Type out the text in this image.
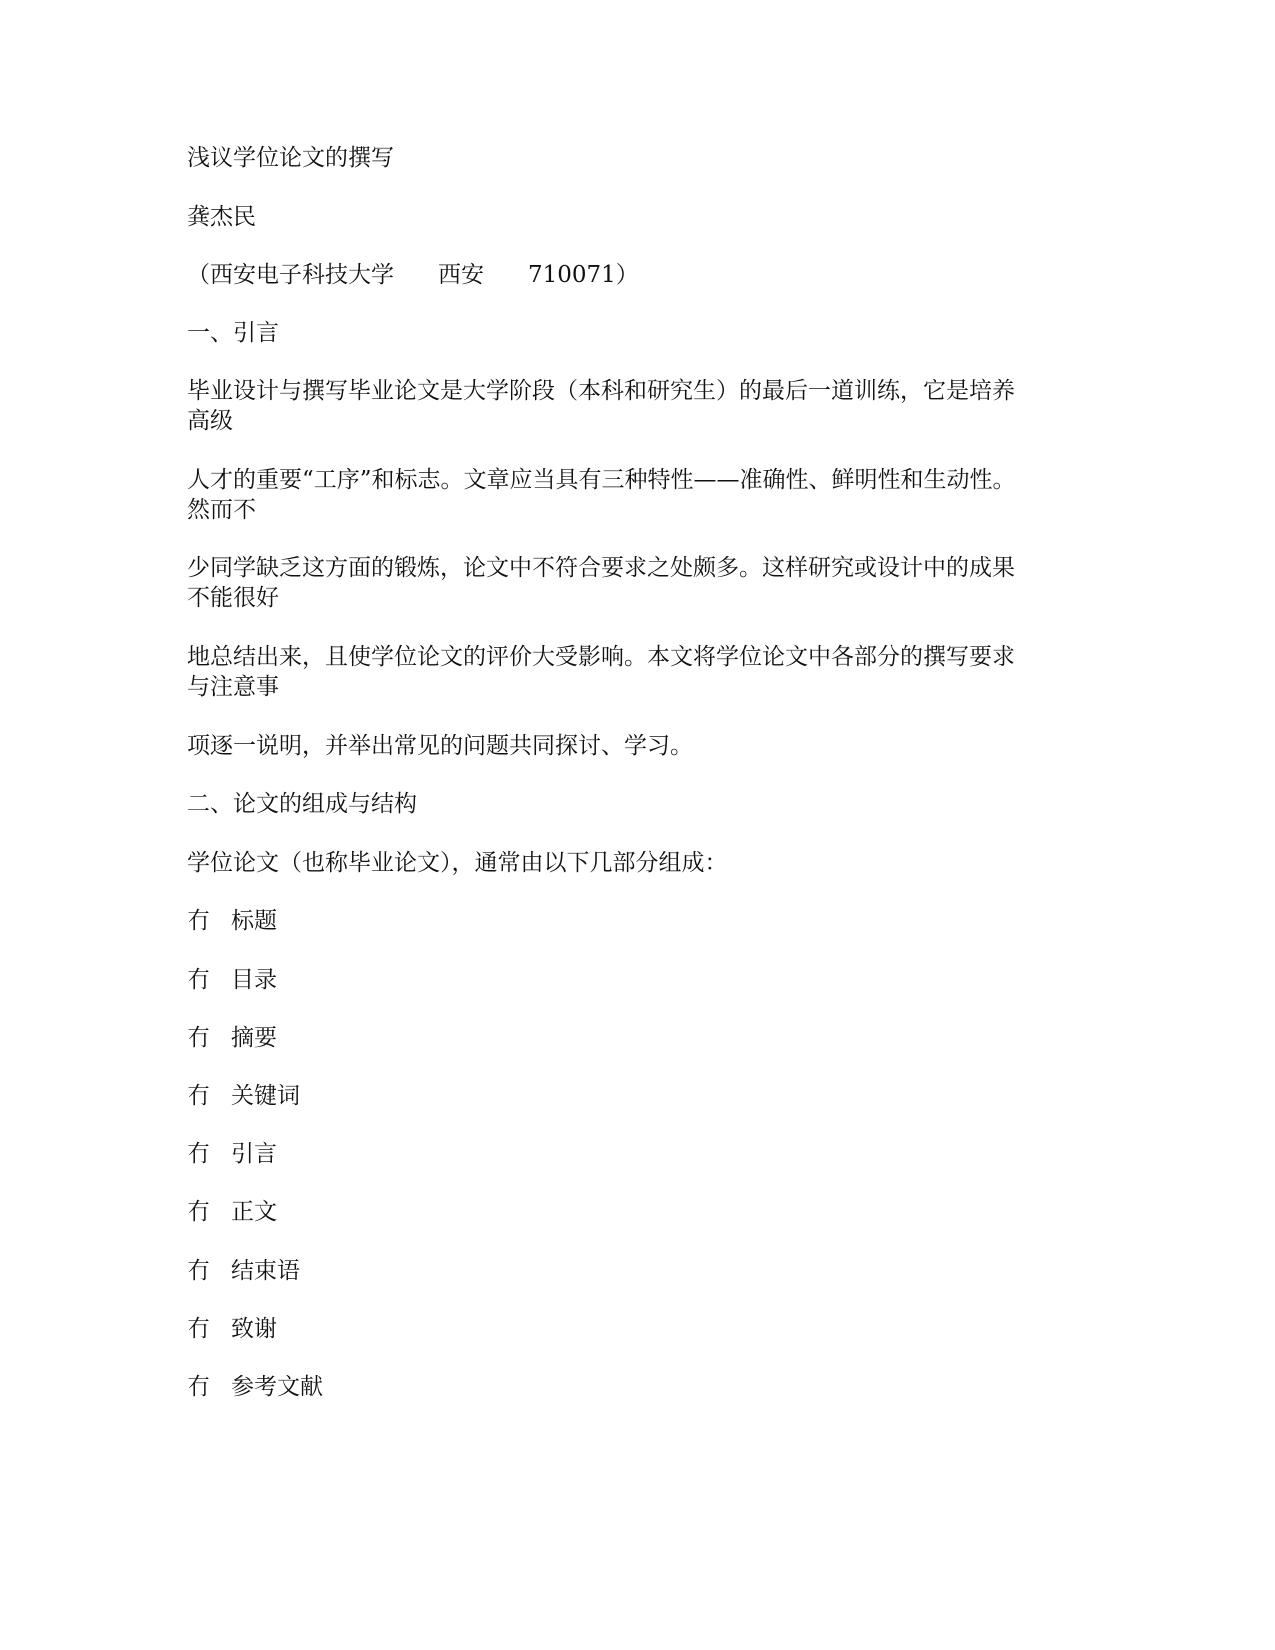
浅议学位论文的撰写
龚杰民
（西安电子科技大学 西安 710071）
一、引言
毕业设计与撰写毕业论文是大学阶段（本科和研究生）的最后一道训练，它是培养
高级
人才的重要“工序”和标志。文章应当具有三种特性——准确性、鲜明性和生动性。
然而不
少同学缺乏这方面的锻炼，论文中不符合要求之处颇多。这样研究或设计中的成果
不能很好
地总结出来，且使学位论文的评价大受影响。本文将学位论文中各部分的撰写要求
与注意事
项逐一说明，并举出常见的问题共同探讨、学习。
二、论文的组成与结构
学位论文（也称毕业论文），通常由以下几部分组成：
冇 标题
冇 目录
冇 摘要
冇 关键词
冇 引言
冇 正文
冇 结束语
冇 致谢
冇 参考文献
